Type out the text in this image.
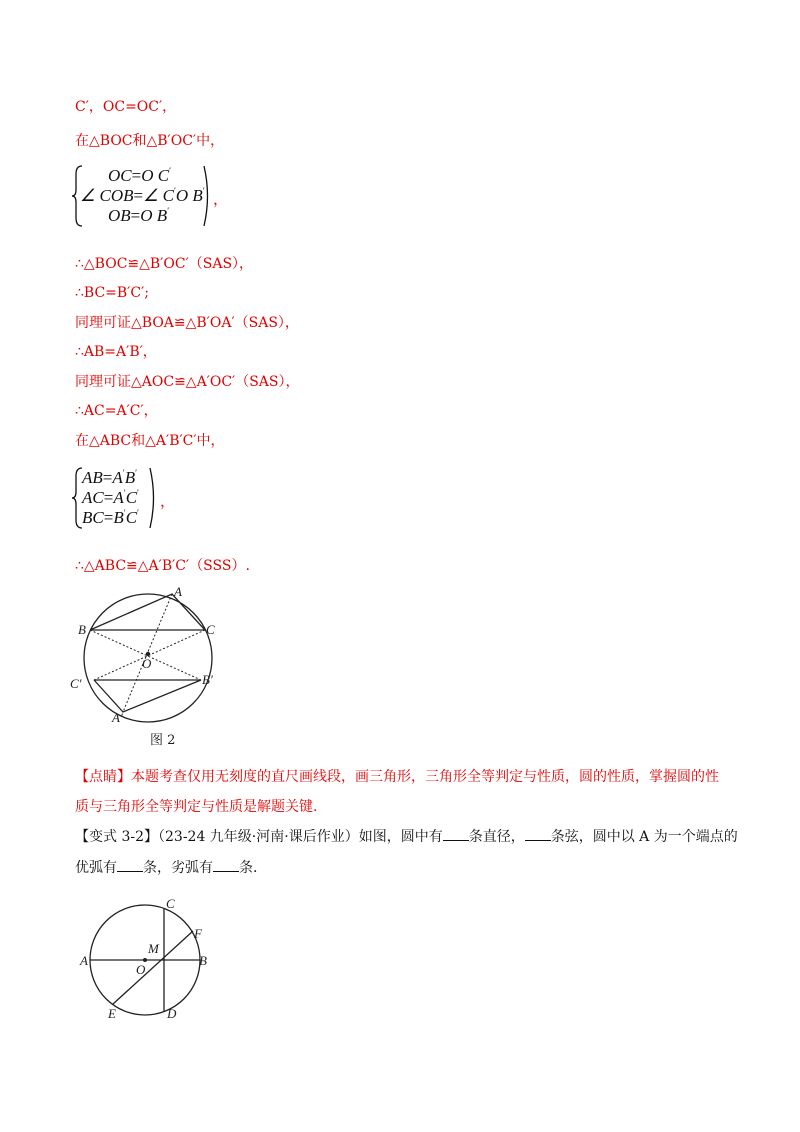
C′，OC=OC′，
在△BOC和△B′OC′中，
OC=O C′
∠ COB=∠ C′O B′
OB=O B′
，
∴△BOC≌△B′OC′（SAS），
∴BC=B′C′;
同理可证△BOA≌△B′OA′（SAS），
∴AB=A′B′，
同理可证△AOC≌△A′OC′（SAS），
∴AC=A′C′，
在△ABC和△A′B′C′中，
AB=A′B′
AC=A′C′
BC=B′C′
，
∴△ABC≌△A′B′C′（SSS）.
A
B	C
O
C′	B′
A′
图 2
【点睛】本题考查仅用无刻度的直尺画线段，画三角形，三角形全等判定与性质，圆的性质，掌握圆的性
质与三角形全等判定与性质是解题关键.
【变式 3-2】（23-24 九年级·河南·课后作业）如图，圆中有 条直径， 条弦，圆中以 A 为一个端点的
优弧有 条，劣弧有 条.
A	B
C
D
E
F
M
O
